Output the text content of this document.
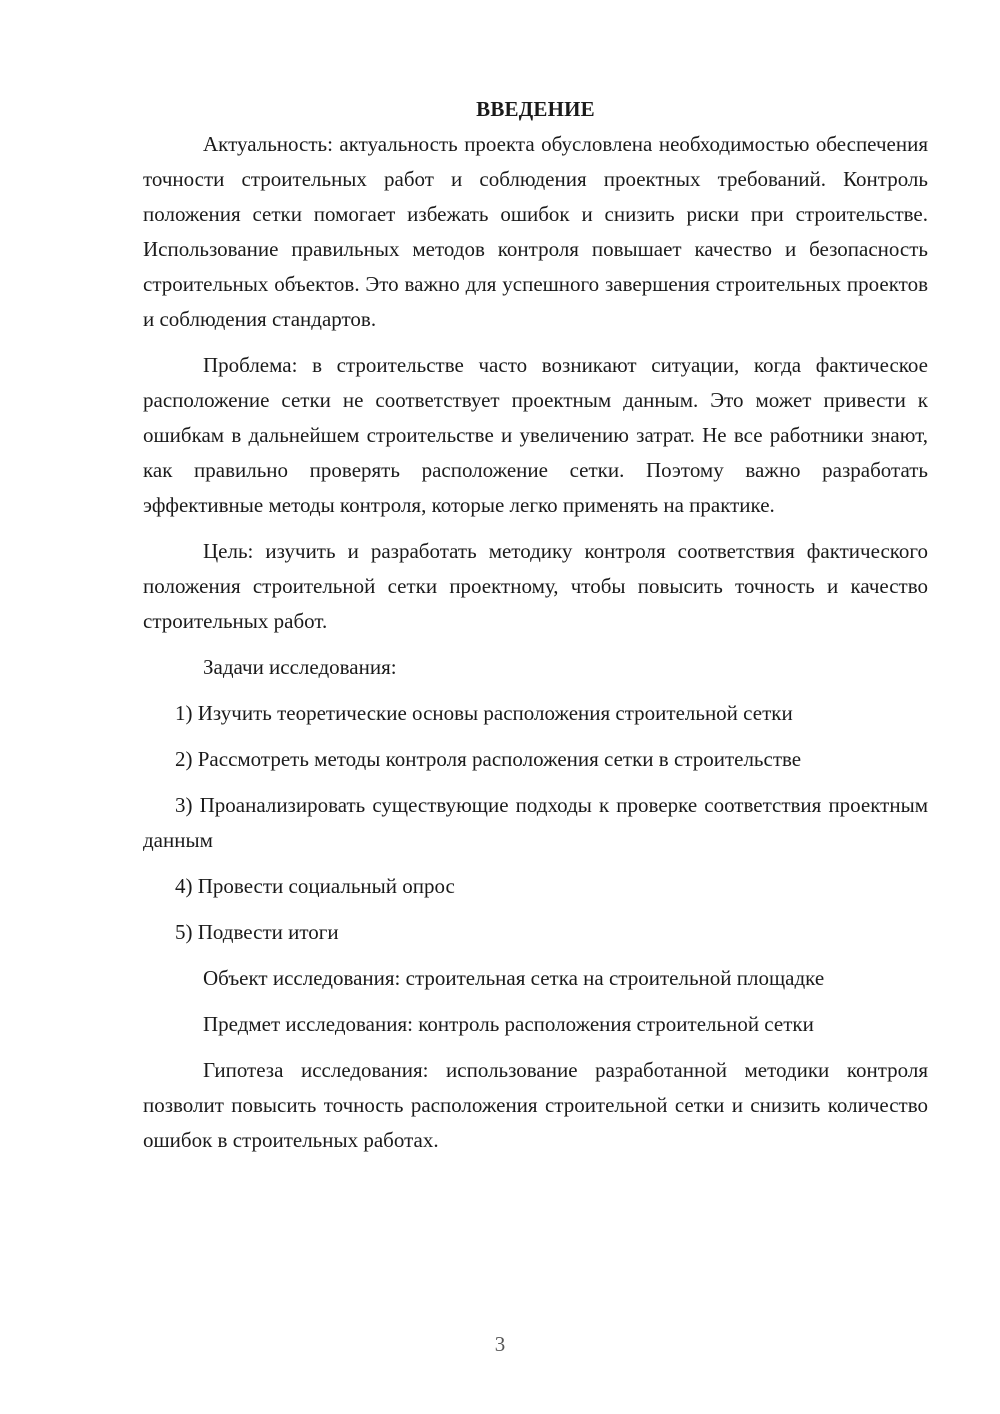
ВВЕДЕНИЕ

Актуальность: актуальность проекта обусловлена необходимостью обеспечения точности строительных работ и соблюдения проектных требований. Контроль положения сетки помогает избежать ошибок и снизить риски при строительстве. Использование правильных методов контроля повышает качество и безопасность строительных объектов. Это важно для успешного завершения строительных проектов и соблюдения стандартов.

Проблема: в строительстве часто возникают ситуации, когда фактическое расположение сетки не соответствует проектным данным. Это может привести к ошибкам в дальнейшем строительстве и увеличению затрат. Не все работники знают, как правильно проверять расположение сетки. Поэтому важно разработать эффективные методы контроля, которые легко применять на практике.

Цель: изучить и разработать методику контроля соответствия фактического положения строительной сетки проектному, чтобы повысить точность и качество строительных работ.

Задачи исследования:

1) Изучить теоретические основы расположения строительной сетки

2) Рассмотреть методы контроля расположения сетки в строительстве

3) Проанализировать существующие подходы к проверке соответствия проектным данным

4) Провести социальный опрос

5) Подвести итоги

Объект исследования: строительная сетка на строительной площадке

Предмет исследования: контроль расположения строительной сетки

Гипотеза исследования: использование разработанной методики контроля позволит повысить точность расположения строительной сетки и снизить количество ошибок в строительных работах.

3
